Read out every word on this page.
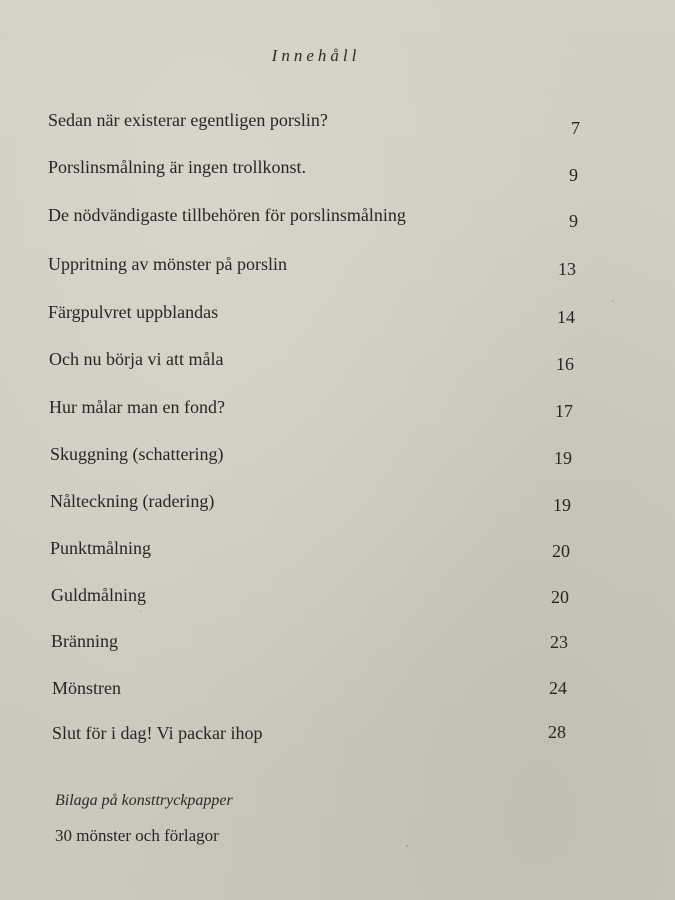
Innehåll
Sedan när existerar egentligen porslin?	7
Porslinsmålning är ingen trollkonst.	9
De nödvändigaste tillbehören för porslinsmålning	9
Uppritning av mönster på porslin	13
Färgpulvret uppblandas	14
Och nu börja vi att måla	16
Hur målar man en fond?	17
Skuggning (schattering)	19
Nålteckning (radering)	19
Punktmålning	20
Guldmålning	20
Bränning	23
Mönstren	24
Slut för i dag! Vi packar ihop	28
Bilaga på konsttryckpapper
30 mönster och förlagor
